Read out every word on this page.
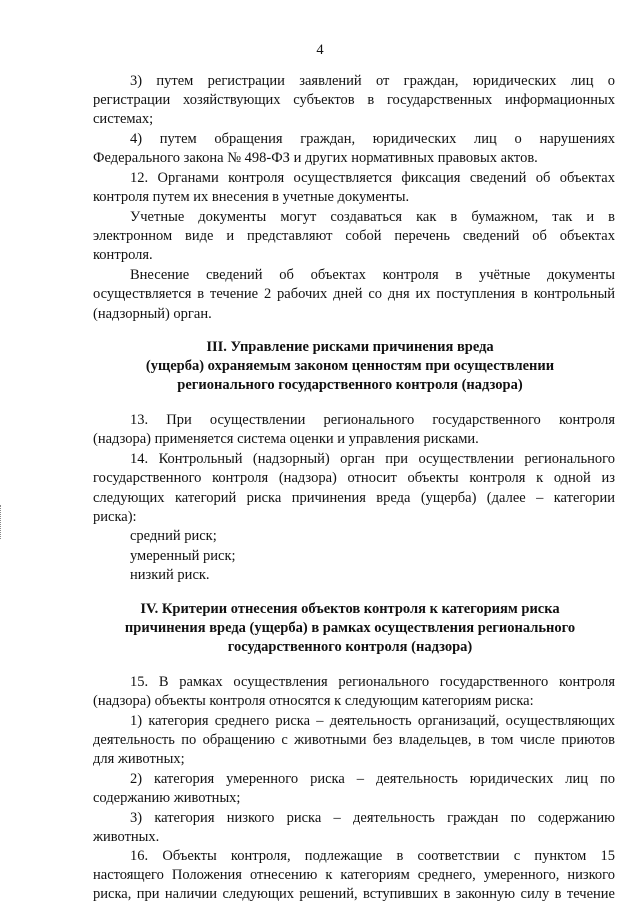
4
3) путем регистрации заявлений от граждан, юридических лиц о
регистрации хозяйствующих субъектов в государственных информационных
системах;
4) путем обращения граждан, юридических лиц о нарушениях
Федерального закона № 498-ФЗ и других нормативных правовых актов.
12. Органами контроля осуществляется фиксация сведений об объектах
контроля путем их внесения в учетные документы.
Учетные документы могут создаваться как в бумажном, так и в
электронном виде и представляют собой перечень сведений об объектах
контроля.
Внесение сведений об объектах контроля в учётные документы
осуществляется в течение 2 рабочих дней со дня их поступления в контрольный
(надзорный) орган.
III. Управление рисками причинения вреда
(ущерба) охраняемым законом ценностям при осуществлении
регионального государственного контроля (надзора)
13. При осуществлении регионального государственного контроля
(надзора) применяется система оценки и управления рисками.
14. Контрольный (надзорный) орган при осуществлении регионального
государственного контроля (надзора) относит объекты контроля к одной из
следующих категорий риска причинения вреда (ущерба) (далее – категории
риска):
средний риск;
умеренный риск;
низкий риск.
IV. Критерии отнесения объектов контроля к категориям риска
причинения вреда (ущерба) в рамках осуществления регионального
государственного контроля (надзора)
15. В рамках осуществления регионального государственного контроля
(надзора) объекты контроля относятся к следующим категориям риска:
1) категория среднего риска – деятельность организаций, осуществляющих
деятельность по обращению с животными без владельцев, в том числе приютов
для животных;
2) категория умеренного риска – деятельность юридических лиц по
содержанию животных;
3) категория низкого риска – деятельность граждан по содержанию
животных.
16. Объекты контроля, подлежащие в соответствии с пунктом 15
настоящего Положения отнесению к категориям среднего, умеренного, низкого
риска, при наличии следующих решений, вступивших в законную силу в течение
